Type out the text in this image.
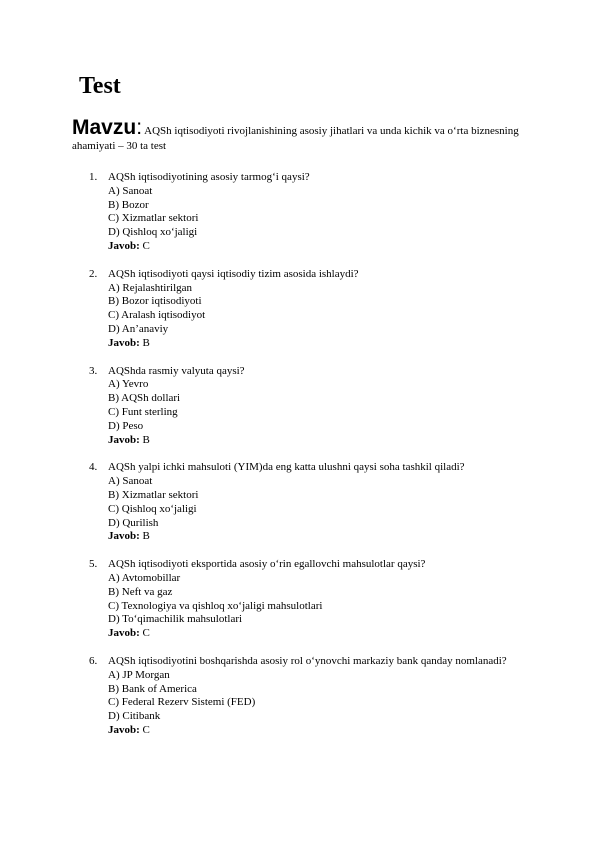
Test
Mavzu: AQSh iqtisodiyoti rivojlanishining asosiy jihatlari va unda kichik va o‘rta biznesning ahamiyati – 30 ta test
1. AQSh iqtisodiyotining asosiy tarmog‘i qaysi?
A) Sanoat
B) Bozor
C) Xizmatlar sektori
D) Qishloq xo‘jaligi
Javob: C
2. AQSh iqtisodiyoti qaysi iqtisodiy tizim asosida ishlaydi?
A) Rejalashtirilgan
B) Bozor iqtisodiyoti
C) Aralash iqtisodiyot
D) An’anaviy
Javob: B
3. AQShda rasmiy valyuta qaysi?
A) Yevro
B) AQSh dollari
C) Funt sterling
D) Peso
Javob: B
4. AQSh yalpi ichki mahsuloti (YIM)da eng katta ulushni qaysi soha tashkil qiladi?
A) Sanoat
B) Xizmatlar sektori
C) Qishloq xo‘jaligi
D) Qurilish
Javob: B
5. AQSh iqtisodiyoti eksportida asosiy o‘rin egallovchi mahsulotlar qaysi?
A) Avtomobillar
B) Neft va gaz
C) Texnologiya va qishloq xo‘jaligi mahsulotlari
D) To‘qimachilik mahsulotlari
Javob: C
6. AQSh iqtisodiyotini boshqarishda asosiy rol o‘ynovchi markaziy bank qanday nomlanadi?
A) JP Morgan
B) Bank of America
C) Federal Rezerv Sistemi (FED)
D) Citibank
Javob: C
